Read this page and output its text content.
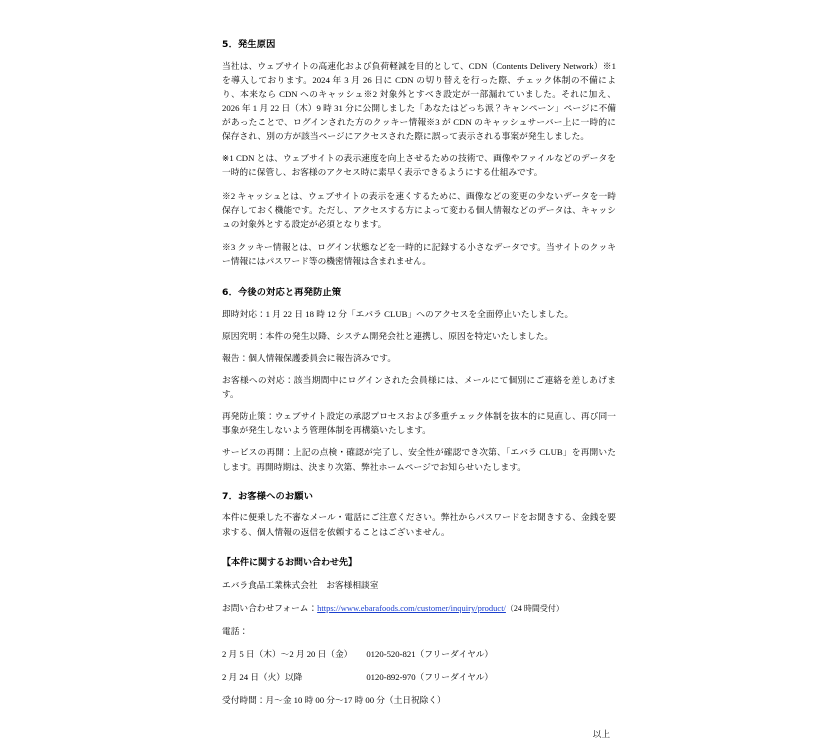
5．発生原因

当社は、ウェブサイトの高速化および負荷軽減を目的として、CDN（Contents Delivery Network）※1 を導入しております。2024 年 3 月 26 日に CDN の切り替えを行った際、チェック体制の不備により、本来なら CDN へのキャッシュ※2 対象外とすべき設定が一部漏れていました。それに加え、2026 年 1 月 22 日（木）9 時 31 分に公開しました「あなたはどっち派？キャンペーン」ページに不備があったことで、ログインされた方のクッキー情報※3 が CDN のキャッシュサーバー上に一時的に保存され、別の方が該当ページにアクセスされた際に誤って表示される事案が発生しました。

※1 CDN とは、ウェブサイトの表示速度を向上させるための技術で、画像やファイルなどのデータを一時的に保管し、お客様のアクセス時に素早く表示できるようにする仕組みです。

※2 キャッシュとは、ウェブサイトの表示を速くするために、画像などの変更の少ないデータを一時保存しておく機能です。ただし、アクセスする方によって変わる個人情報などのデータは、キャッシュの対象外とする設定が必須となります。

※3 クッキー情報とは、ログイン状態などを一時的に記録する小さなデータです。当サイトのクッキー情報にはパスワード等の機密情報は含まれません。

6．今後の対応と再発防止策

即時対応：1 月 22 日 18 時 12 分「エバラ CLUB」へのアクセスを全面停止いたしました。

原因究明：本件の発生以降、システム開発会社と連携し、原因を特定いたしました。

報告：個人情報保護委員会に報告済みです。

お客様への対応：該当期間中にログインされた会員様には、メールにて個別にご連絡を差しあげます。

再発防止策：ウェブサイト設定の承認プロセスおよび多重チェック体制を抜本的に見直し、再び同一事象が発生しないよう管理体制を再構築いたします。

サービスの再開：上記の点検・確認が完了し、安全性が確認でき次第、「エバラ CLUB」を再開いたします。再開時期は、決まり次第、弊社ホームページでお知らせいたします。

7．お客様へのお願い

本件に便乗した不審なメール・電話にご注意ください。弊社からパスワードをお聞きする、金銭を要求する、個人情報の返信を依頼することはございません。

【本件に関するお問い合わせ先】

エバラ食品工業株式会社　お客様相談室

お問い合わせフォーム：https://www.ebarafoods.com/customer/inquiry/product/（24 時間受付）

電話：

2 月 5 日（木）～2 月 20 日（金）	0120-520-821（フリーダイヤル）
2 月 24 日（火）以降	0120-892-970（フリーダイヤル）

受付時間：月～金 10 時 00 分～17 時 00 分（土日祝除く）

以上
